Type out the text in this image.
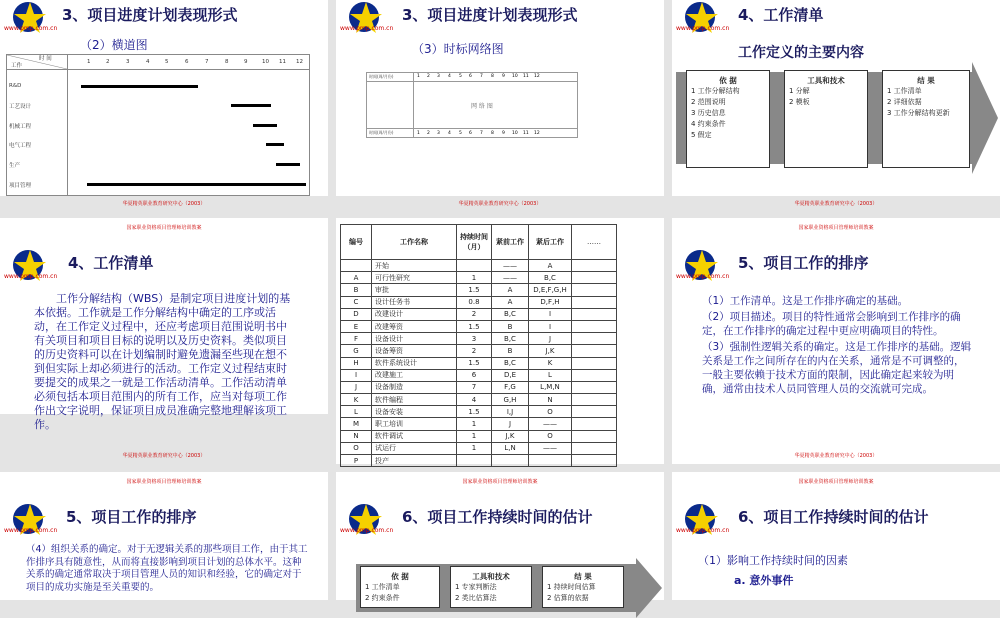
www.pmp.com.cn
3、项目进度计划表现形式
（2）横道图
时 间
工作
1	2	3	4	5	6	7	8	9	10 11 12
R&D
工艺设计
机械工程
电气工程
生产
项目管理
华夏精英职业教育研究中心（2003）
www.pmp.com.cn
3、项目进度计划表现形式
（3）时标网络图
时间(周/月份)
时间(周/月份)
1 2 3 4 5 6 7 8 9 10 11 12
1 2 3 4 5 6 7 8 9 10 11 12
网 络 图
华夏精英职业教育研究中心（2003）
www.pmp.com.cn
4、工作清单
工作定义的主要内容
依 据
1 工作分解结构
2 范围说明
3 历史信息
4 约束条件
5 假定
工具和技术
1 分解
2 模板
结 果
1 工作清单
2 详细依据
3 工作分解结构更新
华夏精英职业教育研究中心（2003）
国家职业资格项目管理师培训教案
www.pmp.com.cn
4、工作清单
工作分解结构（WBS）是制定项目进度计划的基本依据。工作就是工作分解结构中确定的工序或活动，在工作定义过程中，还应考虑项目范围说明书中有关项目和项目目标的说明以及历史资料。类似项目的历史资料可以在计划编制时避免遗漏至些现在想不到但实际上却必须进行的活动。工作定义过程结束时要提交的成果之一就是工作活动清单。工作活动清单必须包括本项目范围内的所有工作，应当对每项工作作出文字说明，保证项目成员准确完整地理解该项工作。
华夏精英职业教育研究中心（2003）
编号	工作名称	持续时间（月）	紧前工作	紧后工作	……
	开始		——	A	
A	可行性研究	1	——	B,C	
B	审批	1.5	A	D,E,F,G,H	
C	设计任务书	0.8	A	D,F,H	
D	改建设计	2	B,C	I	
E	改建筹资	1.5	B	I	
F	设备设计	3	B,C	J	
G	设备筹资	2	B	J,K	
H	软件系统设计	1.5	B,C	K	
I	改建施工	6	D,E	L	
J	设备制造	7	F,G	L,M,N	
K	软件编程	4	G,H	N	
L	设备安装	1.5	I,J	O	
M	职工培训	1	J	——	
N	软件调试	1	J,K	O	
O	试运行	1	L,N	——	
P	投产				
国家职业资格项目管理师培训教案
www.pmp.com.cn
5、项目工作的排序
（1）工作清单。这是工作排序确定的基础。
（2）项目描述。项目的特性通常会影响到工作排序的确定，在工作排序的确定过程中更应明确项目的特性。
（3）强制性逻辑关系的确定。这是工作排序的基础。逻辑关系是工作之间所存在的内在关系，通常是不可调整的，一般主要依赖于技术方面的限制，因此确定起来较为明确，通常由技术人员同管理人员的交流就可完成。
华夏精英职业教育研究中心（2003）
国家职业资格项目管理师培训教案
www.pmp.com.cn
5、项目工作的排序
（4）组织关系的确定。对于无逻辑关系的那些项目工作，由于其工作排序具有随意性，从而将直接影响到项目计划的总体水平。这种关系的确定通常取决于项目管理人员的知识和经验，它的确定对于项目的成功实施是至关重要的。
国家职业资格项目管理师培训教案
www.pmp.com.cn
6、项目工作持续时间的估计
依 据
1 工作清单
2 约束条件
工具和技术
1 专家判断法
2 类比估算法
结 果
1 持续时间估算
2 估算的依据
国家职业资格项目管理师培训教案
www.pmp.com.cn
6、项目工作持续时间的估计
（1）影响工作持续时间的因素
a. 意外事件
